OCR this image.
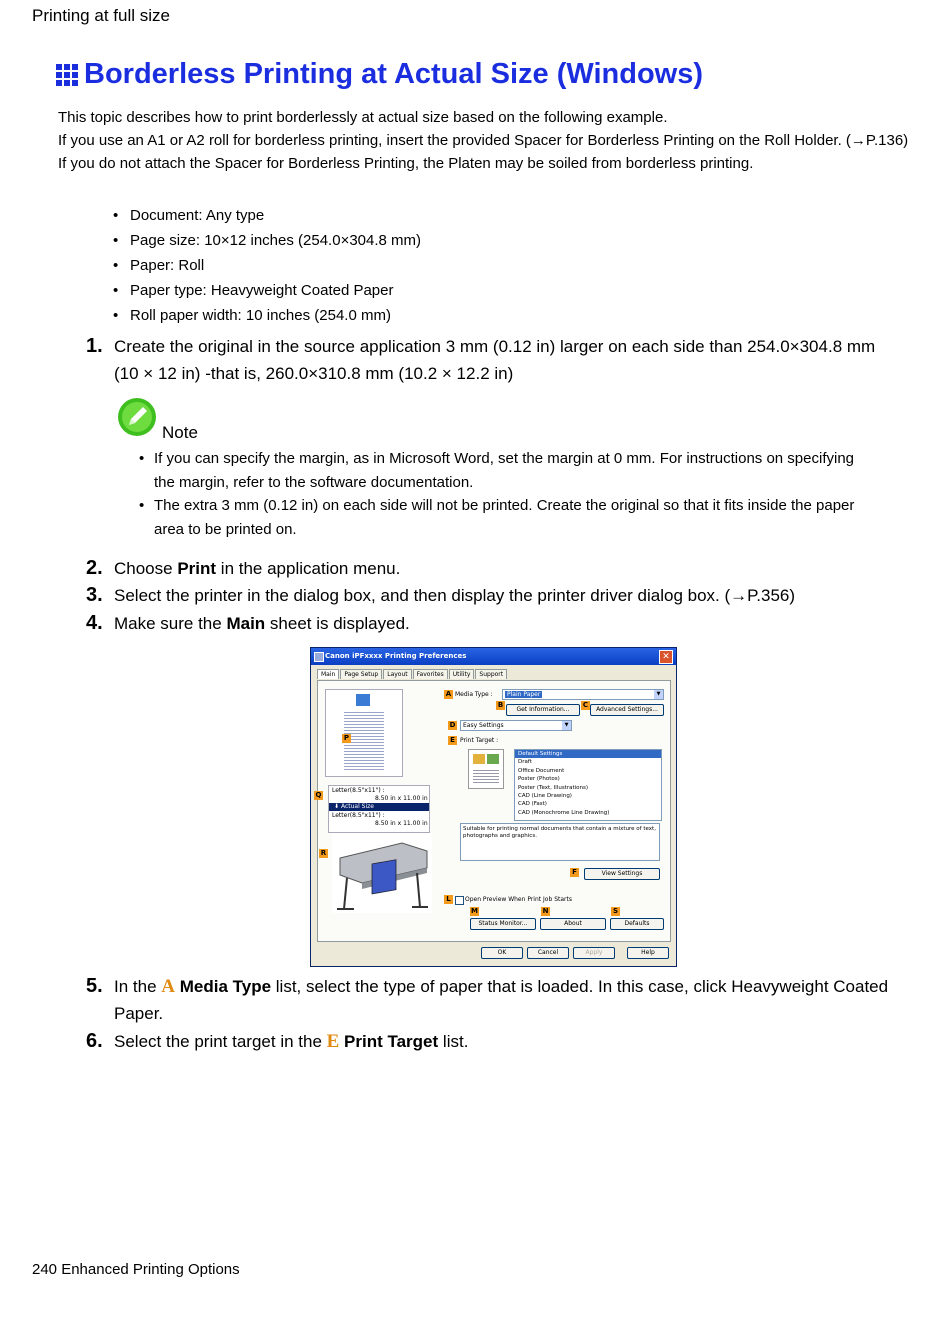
Printing at full size
Borderless Printing at Actual Size (Windows)

This topic describes how to print borderlessly at actual size based on the following example.

If you use an A1 or A2 roll for borderless printing, insert the provided Spacer for Borderless Printing on the Roll Holder. (→P.136)

If you do not attach the Spacer for Borderless Printing, the Platen may be soiled from borderless printing.

• Document: Any type
• Page size: 10×12 inches (254.0×304.8 mm)
• Paper: Roll
• Paper type: Heavyweight Coated Paper
• Roll paper width: 10 inches (254.0 mm)
1. Create the original in the source application 3 mm (0.12 in) larger on each side than 254.0×304.8 mm (10 × 12 in) -that is, 260.0×310.8 mm (10.2 × 12.2 in)
Note
• If you can specify the margin, as in Microsoft Word, set the margin at 0 mm. For instructions on specifying the margin, refer to the software documentation.
• The extra 3 mm (0.12 in) on each side will not be printed. Create the original so that it fits inside the paper area to be printed on.
2. Choose Print in the application menu.
3. Select the printer in the dialog box, and then display the printer driver dialog box. (→P.356)
4. Make sure the Main sheet is displayed.
Canon iPFxxxx Printing Preferences	✕
Main	Page Setup	Layout	Favorites	Utility	Support
P
Letter(8.5"x11") :
8.50 in x 11.00 in
⬇ Actual Size
Letter(8.5"x11") :
8.50 in x 11.00 in
Q
R
A Media Type :	Plain Paper	▼
B
Get Information...
C
Advanced Settings...
D	Easy Settings	▼
E Print Target :
Default Settings
Draft
Office Document
Poster (Photos)
Poster (Text, Illustrations)
CAD (Line Drawing)
CAD (Fast)
CAD (Monochrome Line Drawing)
Suitable for printing normal documents that contain a mixture of text, photographs and graphics.
F	View Settings
L	Open Preview When Print Job Starts
M	N	S
Status Monitor...	About	Defaults
OK	Cancel	Apply	Help
5. In the A Media Type list, select the type of paper that is loaded. In this case, click Heavyweight Coated Paper.
6. Select the print target in the E Print Target list.
240 Enhanced Printing Options
